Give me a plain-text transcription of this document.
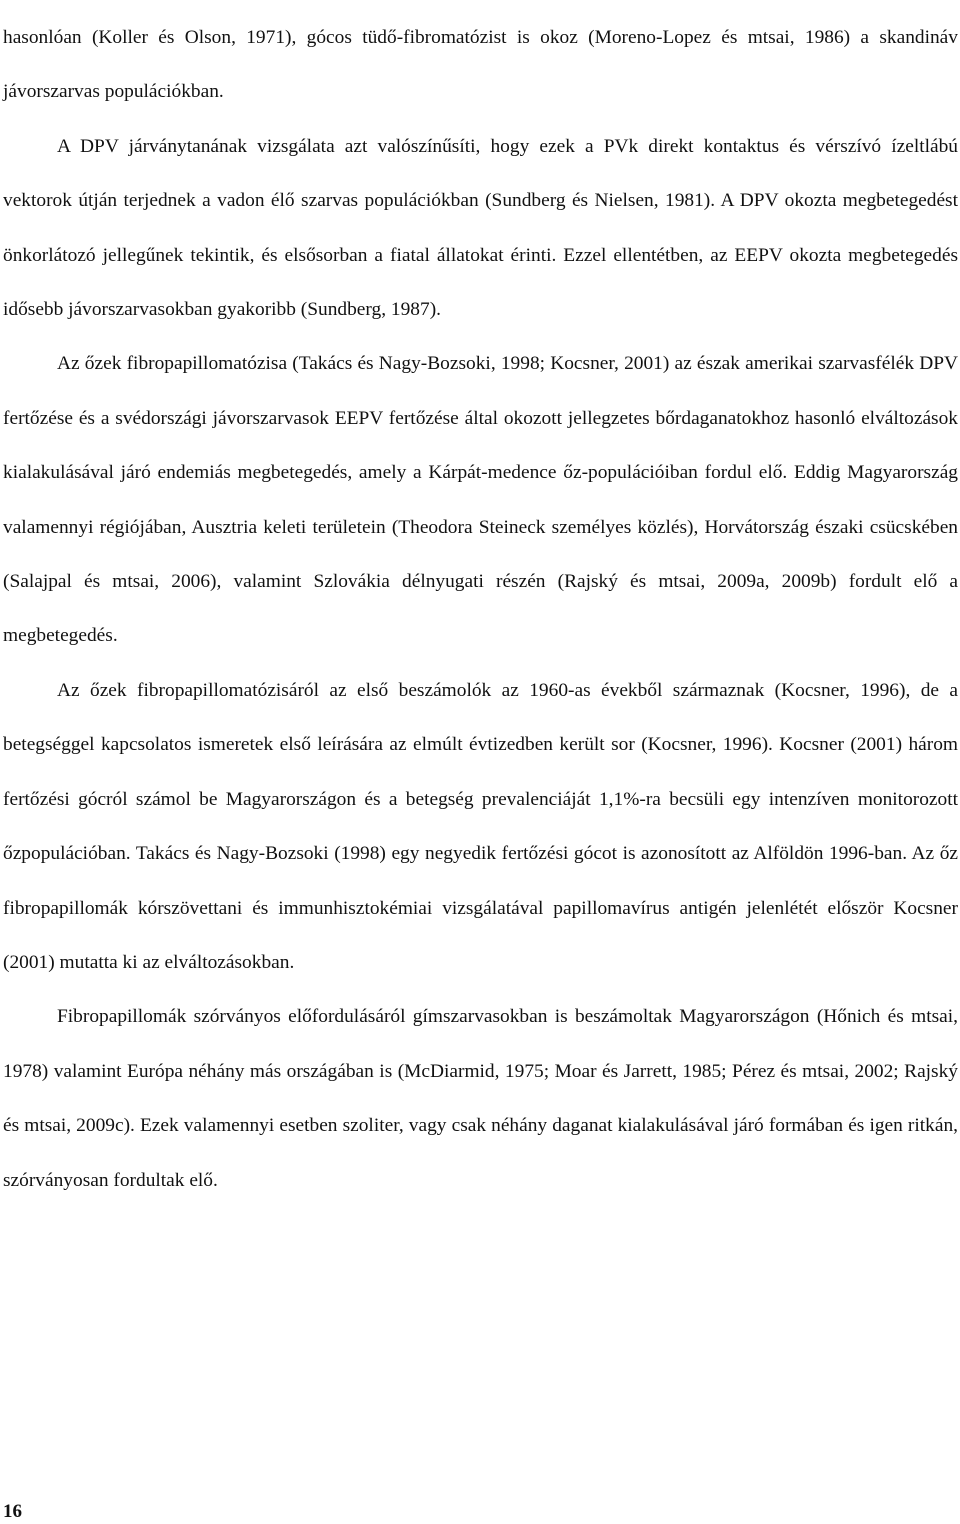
hasonlóan (Koller és Olson, 1971), gócos tüdő-fibromatózist is okoz (Moreno-Lopez és mtsai, 1986) a skandináv jávorszarvas populációkban.

A DPV járványtanának vizsgálata azt valószínűsíti, hogy ezek a PVk direkt kontaktus és vérszívó ízeltlábú vektorok útján terjednek a vadon élő szarvas populációkban (Sundberg és Nielsen, 1981). A DPV okozta megbetegedést önkorlátozó jellegűnek tekintik, és elsősorban a fiatal állatokat érinti. Ezzel ellentétben, az EEPV okozta megbetegedés idősebb jávorszarvasokban gyakoribb (Sundberg, 1987).

Az őzek fibropapillomatózisa (Takács és Nagy-Bozsoki, 1998; Kocsner, 2001) az észak amerikai szarvasfélék DPV fertőzése és a svédországi jávorszarvasok EEPV fertőzése által okozott jellegzetes bőrdaganatokhoz hasonló elváltozások kialakulásával járó endemiás megbetegedés, amely a Kárpát-medence őz-populációiban fordul elő. Eddig Magyarország valamennyi régiójában, Ausztria keleti területein (Theodora Steineck személyes közlés), Horvátország északi csücskében (Salajpal és mtsai, 2006), valamint Szlovákia délnyugati részén (Rajský és mtsai, 2009a, 2009b) fordult elő a megbetegedés.

Az őzek fibropapillomatózisáról az első beszámolók az 1960-as évekből származnak (Kocsner, 1996), de a betegséggel kapcsolatos ismeretek első leírására az elmúlt évtizedben került sor (Kocsner, 1996). Kocsner (2001) három fertőzési gócról számol be Magyarországon és a betegség prevalenciáját 1,1%-ra becsüli egy intenzíven monitorozott őzpopulációban. Takács és Nagy-Bozsoki (1998) egy negyedik fertőzési gócot is azonosított az Alföldön 1996-ban. Az őz fibropapillomák kórszövettani és immunhisztokémiai vizsgálatával papillomavírus antigén jelenlétét először Kocsner (2001) mutatta ki az elváltozásokban.

Fibropapillomák szórványos előfordulásáról gímszarvasokban is beszámoltak Magyarországon (Hőnich és mtsai, 1978) valamint Európa néhány más országában is (McDiarmid, 1975; Moar és Jarrett, 1985; Pérez és mtsai, 2002; Rajský és mtsai, 2009c). Ezek valamennyi esetben szoliter, vagy csak néhány daganat kialakulásával járó formában és igen ritkán, szórványosan fordultak elő.

16
